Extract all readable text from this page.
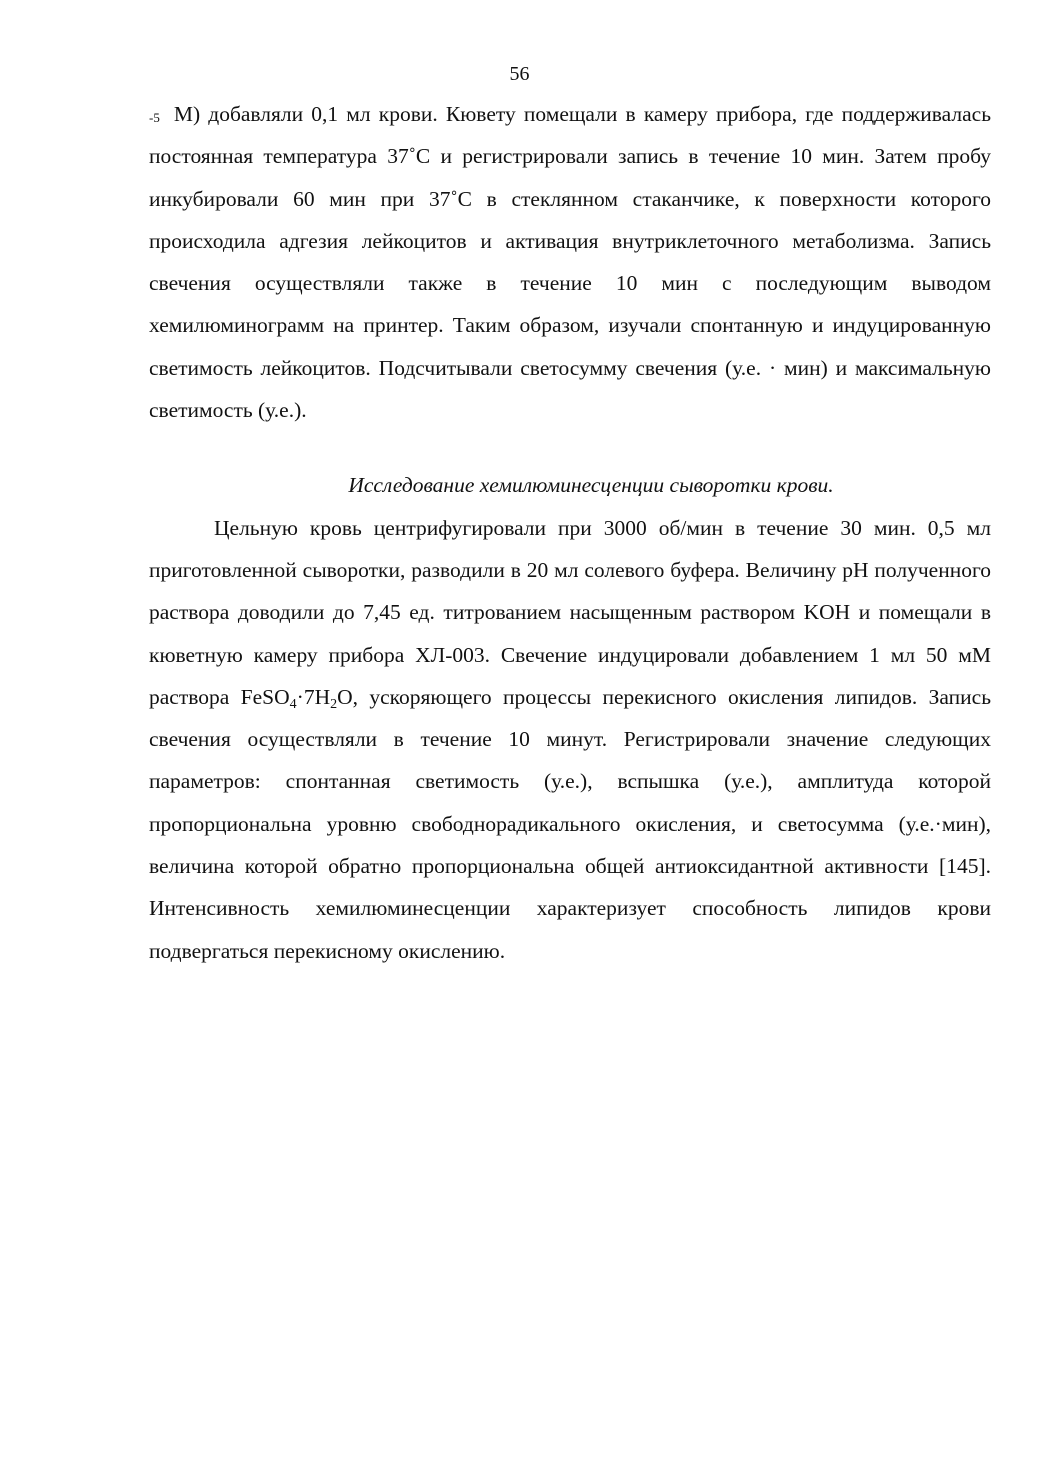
56

$^{-5}$ М) добавляли 0,1 мл крови. Кювету помещали в камеру прибора, где поддерживалась постоянная температура 37˚С и регистрировали запись в течение 10 мин. Затем пробу инкубировали 60 мин при 37˚С в стеклянном стаканчике, к поверхности которого происходила адгезия лейкоцитов и активация внутриклеточного метаболизма. Запись свечения осуществляли также в течение 10 мин с последующим выводом хемилюминограмм на принтер. Таким образом, изучали спонтанную и индуцированную светимость лейкоцитов. Подсчитывали светосумму свечения (у.е. · мин) и максимальную светимость (у.е.).

Исследование хемилюминесценции сыворотки крови.

Цельную кровь центрифугировали при 3000 об/мин в течение 30 мин. 0,5 мл приготовленной сыворотки, разводили в 20 мл солевого буфера. Величину pH полученного раствора доводили до 7,45 ед. титрованием насыщенным раствором KOH и помещали в кюветную камеру прибора ХЛ-003. Свечение индуцировали добавлением 1 мл 50 мМ раствора $FeSO_4\cdot 7H_2O$, ускоряющего процессы перекисного окисления липидов. Запись свечения осуществляли в течение 10 минут. Регистрировали значение следующих параметров: спонтанная светимость (у.е.), вспышка (у.е.), амплитуда которой пропорциональна уровню свободнорадикального окисления, и светосумма (у.е.·мин), величина которой обратно пропорциональна общей антиоксидантной активности [145]. Интенсивность хемилюминесценции характеризует способность липидов крови подвергаться перекисному окислению.
